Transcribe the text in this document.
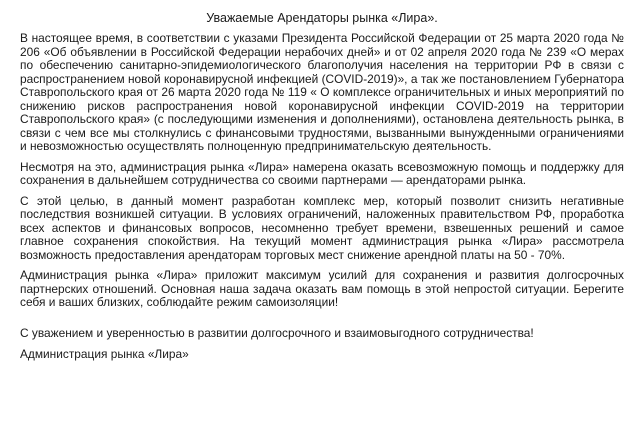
Уважаемые Арендаторы рынка «Лира».

В настоящее время, в соответствии с указами Президента Российской Федерации от 25 марта 2020 года № 206 «Об объявлении в Российской Федерации нерабочих дней» и от 02 апреля 2020 года № 239 «О мерах по обеспечению санитарно-эпидемиологического благополучия населения на территории РФ в связи с распространением новой коронавирусной инфекцией (COVID-2019)», а так же постановлением Губернатора Ставропольского края от 26 марта 2020 года № 119 « О комплексе ограничительных и иных мероприятий по снижению рисков распространения новой коронавирусной инфекции COVID-2019 на территории Ставропольского края» (с последующими изменения и дополнениями), остановлена деятельность рынка, в связи с чем все мы столкнулись с финансовыми трудностями, вызванными вынужденными ограничениями и невозможностью осуществлять полноценную предпринимательскую деятельность.

Несмотря на это, администрация рынка «Лира» намерена оказать всевозможную помощь и поддержку для сохранения в дальнейшем сотрудничества со своими партнерами — арендаторами рынка.

С этой целью, в данный момент разработан комплекс мер, который позволит снизить негативные последствия возникшей ситуации. В условиях ограничений, наложенных правительством РФ, проработка всех аспектов и финансовых вопросов, несомненно требует времени, взвешенных решений и самое главное сохранения спокойствия. На текущий момент администрация рынка «Лира» рассмотрела возможность предоставления арендаторам торговых мест снижение арендной платы на 50 - 70%.

Администрация рынка «Лира» приложит максимум усилий для сохранения и развития долгосрочных партнерских отношений. Основная наша задача оказать вам помощь в этой непростой ситуации. Берегите себя и ваших близких, соблюдайте режим самоизоляции!

С уважением и уверенностью в развитии долгосрочного и взаимовыгодного сотрудничества!

Администрация рынка «Лира»
